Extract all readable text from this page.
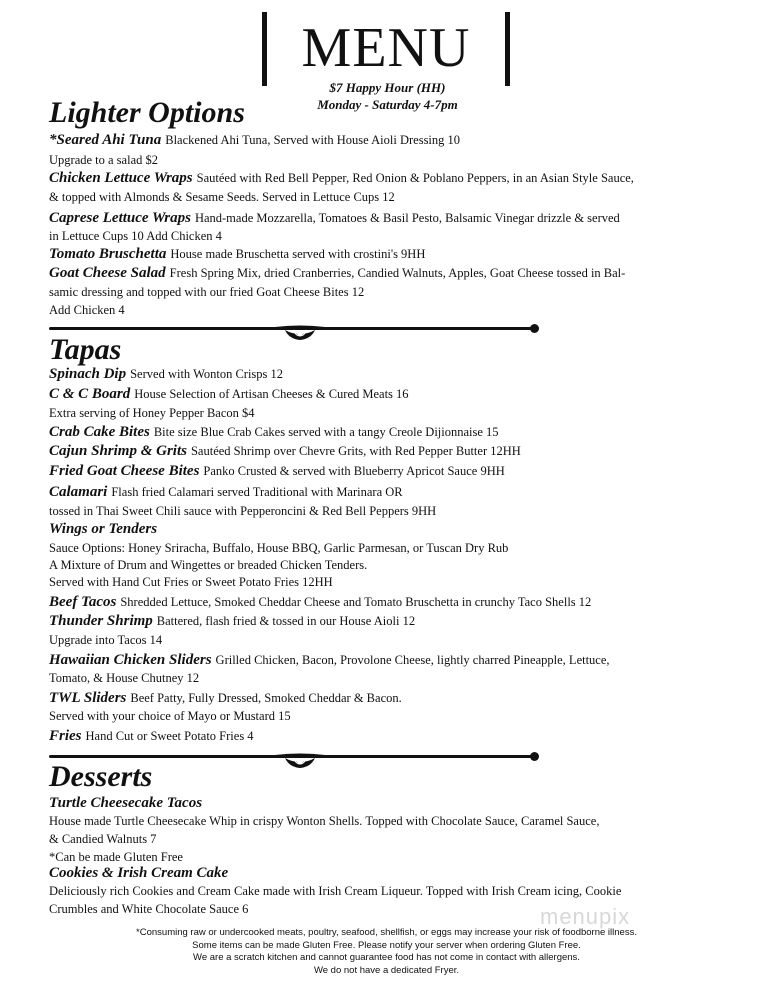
MENU
$7 Happy Hour (HH)
Monday - Saturday 4-7pm
Lighter Options
Tapas
Desserts
*Seared Ahi Tuna Blackened Ahi Tuna, Served with House Aioli Dressing 10
Upgrade to a salad $2
Chicken Lettuce Wraps Sautéed with Red Bell Pepper, Red Onion & Poblano Peppers, in an Asian Style Sauce,
& topped with Almonds & Sesame Seeds. Served in Lettuce Cups 12
Caprese Lettuce Wraps Hand-made Mozzarella, Tomatoes & Basil Pesto, Balsamic Vinegar drizzle & served
in Lettuce Cups 10 Add Chicken 4
Tomato Bruschetta House made Bruschetta served with crostini's 9HH
Goat Cheese Salad Fresh Spring Mix, dried Cranberries, Candied Walnuts, Apples, Goat Cheese tossed in Bal-
samic dressing and topped with our fried Goat Cheese Bites 12
Add Chicken 4
Spinach Dip Served with Wonton Crisps 12
C & C Board House Selection of Artisan Cheeses & Cured Meats 16
Extra serving of Honey Pepper Bacon $4
Crab Cake Bites Bite size Blue Crab Cakes served with a tangy Creole Dijionnaise 15
Cajun Shrimp & Grits Sautéed Shrimp over Chevre Grits, with Red Pepper Butter 12HH
Fried Goat Cheese Bites Panko Crusted & served with Blueberry Apricot Sauce 9HH
Calamari Flash fried Calamari served Traditional with Marinara OR
tossed in Thai Sweet Chili sauce with Pepperoncini & Red Bell Peppers 9HH
Wings or Tenders
Sauce Options: Honey Sriracha, Buffalo, House BBQ, Garlic Parmesan, or Tuscan Dry Rub
A Mixture of Drum and Wingettes or breaded Chicken Tenders.
Served with Hand Cut Fries or Sweet Potato Fries 12HH
Beef Tacos Shredded Lettuce, Smoked Cheddar Cheese and Tomato Bruschetta in crunchy Taco Shells 12
Thunder Shrimp Battered, flash fried & tossed in our House Aioli 12
Upgrade into Tacos 14
Hawaiian Chicken Sliders Grilled Chicken, Bacon, Provolone Cheese, lightly charred Pineapple, Lettuce,
Tomato, & House Chutney 12
TWL Sliders Beef Patty, Fully Dressed, Smoked Cheddar & Bacon.
Served with your choice of Mayo or Mustard 15
Fries Hand Cut or Sweet Potato Fries 4
Turtle Cheesecake Tacos
House made Turtle Cheesecake Whip in crispy Wonton Shells. Topped with Chocolate Sauce, Caramel Sauce,
& Candied Walnuts 7
*Can be made Gluten Free
Cookies & Irish Cream Cake
Deliciously rich Cookies and Cream Cake made with Irish Cream Liqueur. Topped with Irish Cream icing, Cookie
Crumbles and White Chocolate Sauce 6	menupix
*Consuming raw or undercooked meats, poultry, seafood, shellfish, or eggs may increase your risk of foodborne illness.
Some items can be made Gluten Free. Please notify your server when ordering Gluten Free.
We are a scratch kitchen and cannot guarantee food has not come in contact with allergens.
We do not have a dedicated Fryer.
